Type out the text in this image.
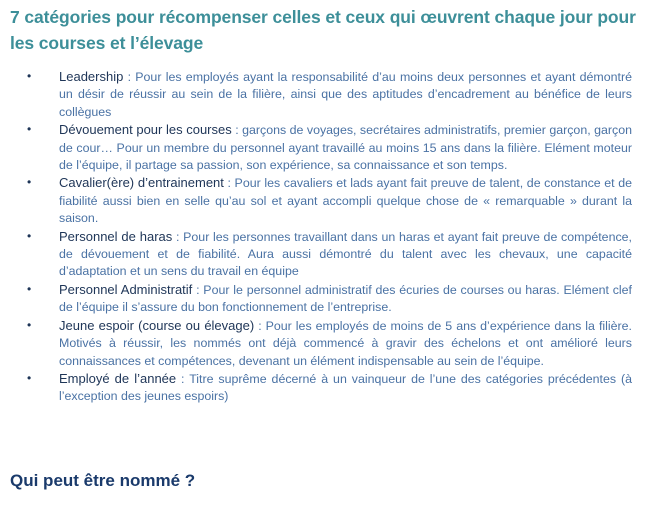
7 catégories pour récompenser celles et ceux qui œuvrent chaque jour pour les courses et l’élevage
•	Leadership : Pour les employés ayant la responsabilité d’au moins deux personnes et ayant démontré un désir de réussir au sein de la filière, ainsi que des aptitudes d’encadrement au bénéfice de leurs collègues
•	Dévouement pour les courses : garçons de voyages, secrétaires administratifs, premier garçon, garçon de cour… Pour un membre du personnel ayant travaillé au moins 15 ans dans la filière. Elément moteur de l’équipe, il partage sa passion, son expérience, sa connaissance et son temps.
•	Cavalier(ère) d’entrainement : Pour les cavaliers et lads ayant fait preuve de talent, de constance et de fiabilité aussi bien en selle qu’au sol et ayant accompli quelque chose de « remarquable » durant la saison.
•	Personnel de haras : Pour les personnes travaillant dans un haras et ayant fait preuve de compétence, de dévouement et de fiabilité. Aura aussi démontré du talent avec les chevaux, une capacité d’adaptation et un sens du travail en équipe
•	Personnel Administratif : Pour le personnel administratif des écuries de courses ou haras. Elément clef de l’équipe il s’assure du bon fonctionnement de l’entreprise.
•	Jeune espoir (course ou élevage) : Pour les employés de moins de 5 ans d’expérience dans la filière. Motivés à réussir, les nommés ont déjà commencé à gravir des échelons et ont amélioré leurs connaissances et compétences, devenant un élément indispensable au sein de l’équipe.
•	Employé de l’année : Titre suprême décerné à un vainqueur de l’une des catégories précédentes (à l’exception des jeunes espoirs)
Qui peut être nommé ?
